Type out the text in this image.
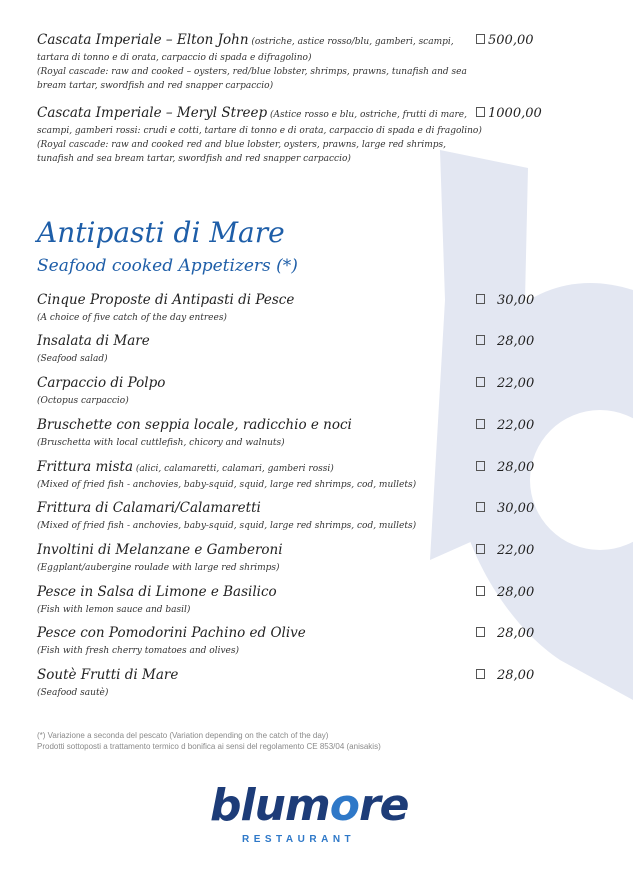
Cascata Imperiale – Elton John (ostriche, astice rosso/blu, gamberi, scampi,
tartara di tonno e di orata, carpaccio di spada e difragolino)
(Royal cascade: raw and cooked – oysters, red/blue lobster, shrimps, prawns, tunafish and sea
bream tartar, swordfish and red snapper carpaccio)
500,00
Cascata Imperiale – Meryl Streep (Astice rosso e blu, ostriche, frutti di mare,
scampi, gamberi rossi: crudi e cotti, tartare di tonno e di orata, carpaccio di spada e di fragolino)
(Royal cascade: raw and cooked red and blue lobster, oysters, prawns, large red shrimps,
tunafish and sea bream tartar, swordfish and red snapper carpaccio)
1000,00
Antipasti di Mare
Seafood cooked Appetizers (*)
Cinque Proposte di Antipasti di Pesce
(A choice of five catch of the day entrees)
30,00
Insalata di Mare
(Seafood salad)
28,00
Carpaccio di Polpo
(Octopus carpaccio)
22,00
Bruschette con seppia locale, radicchio e noci
(Bruschetta with local cuttlefish, chicory and walnuts)
22,00
Frittura mista (alici, calamaretti, calamari, gamberi rossi)
(Mixed of fried fish - anchovies, baby-squid, squid, large red shrimps, cod, mullets)
28,00
Frittura di Calamari/Calamaretti
(Mixed of fried fish - anchovies, baby-squid, squid, large red shrimps, cod, mullets)
30,00
Involtini di Melanzane e Gamberoni
(Eggplant/aubergine roulade with large red shrimps)
22,00
Pesce in Salsa di Limone e Basilico
(Fish with lemon sauce and basil)
28,00
Pesce con Pomodorini Pachino ed Olive
(Fish with fresh cherry tomatoes and olives)
28,00
Soutè Frutti di Mare
(Seafood sautè)
28,00
(*) Variazione a seconda del pescato (Variation depending on the catch of the day)
Prodotti sottoposti a trattamento termico d bonifica ai sensi del regolamento CE 853/04 (anisakis)
blumore
RESTAURANT
